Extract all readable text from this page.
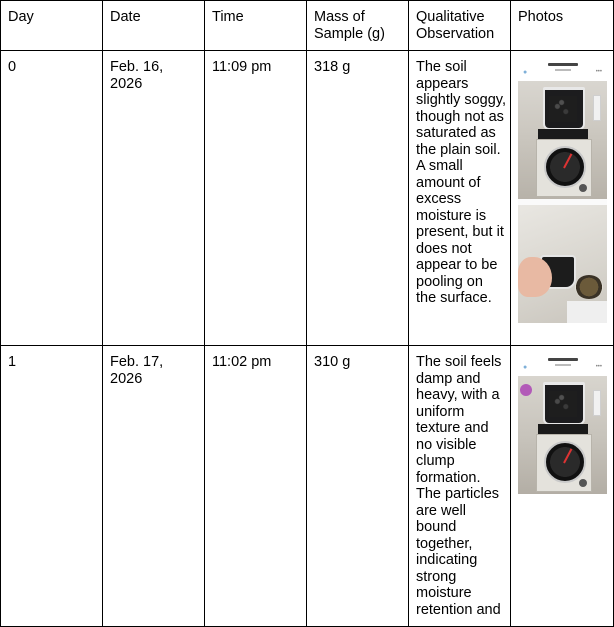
Day	Date	Time	Mass of Sample (g)	Qualitative Observation	Photos
0	Feb. 16, 2026	11:09 pm	318 g	The soil appears slightly soggy, though not as saturated as the plain soil. A small amount of excess moisture is present, but it does not appear to be pooling on the surface.	● •••

1	Feb. 17, 2026	11:02 pm	310 g	The soil feels damp and heavy, with a uniform texture and no visible clump formation. The particles are well bound together, indicating strong moisture retention and	● •••
